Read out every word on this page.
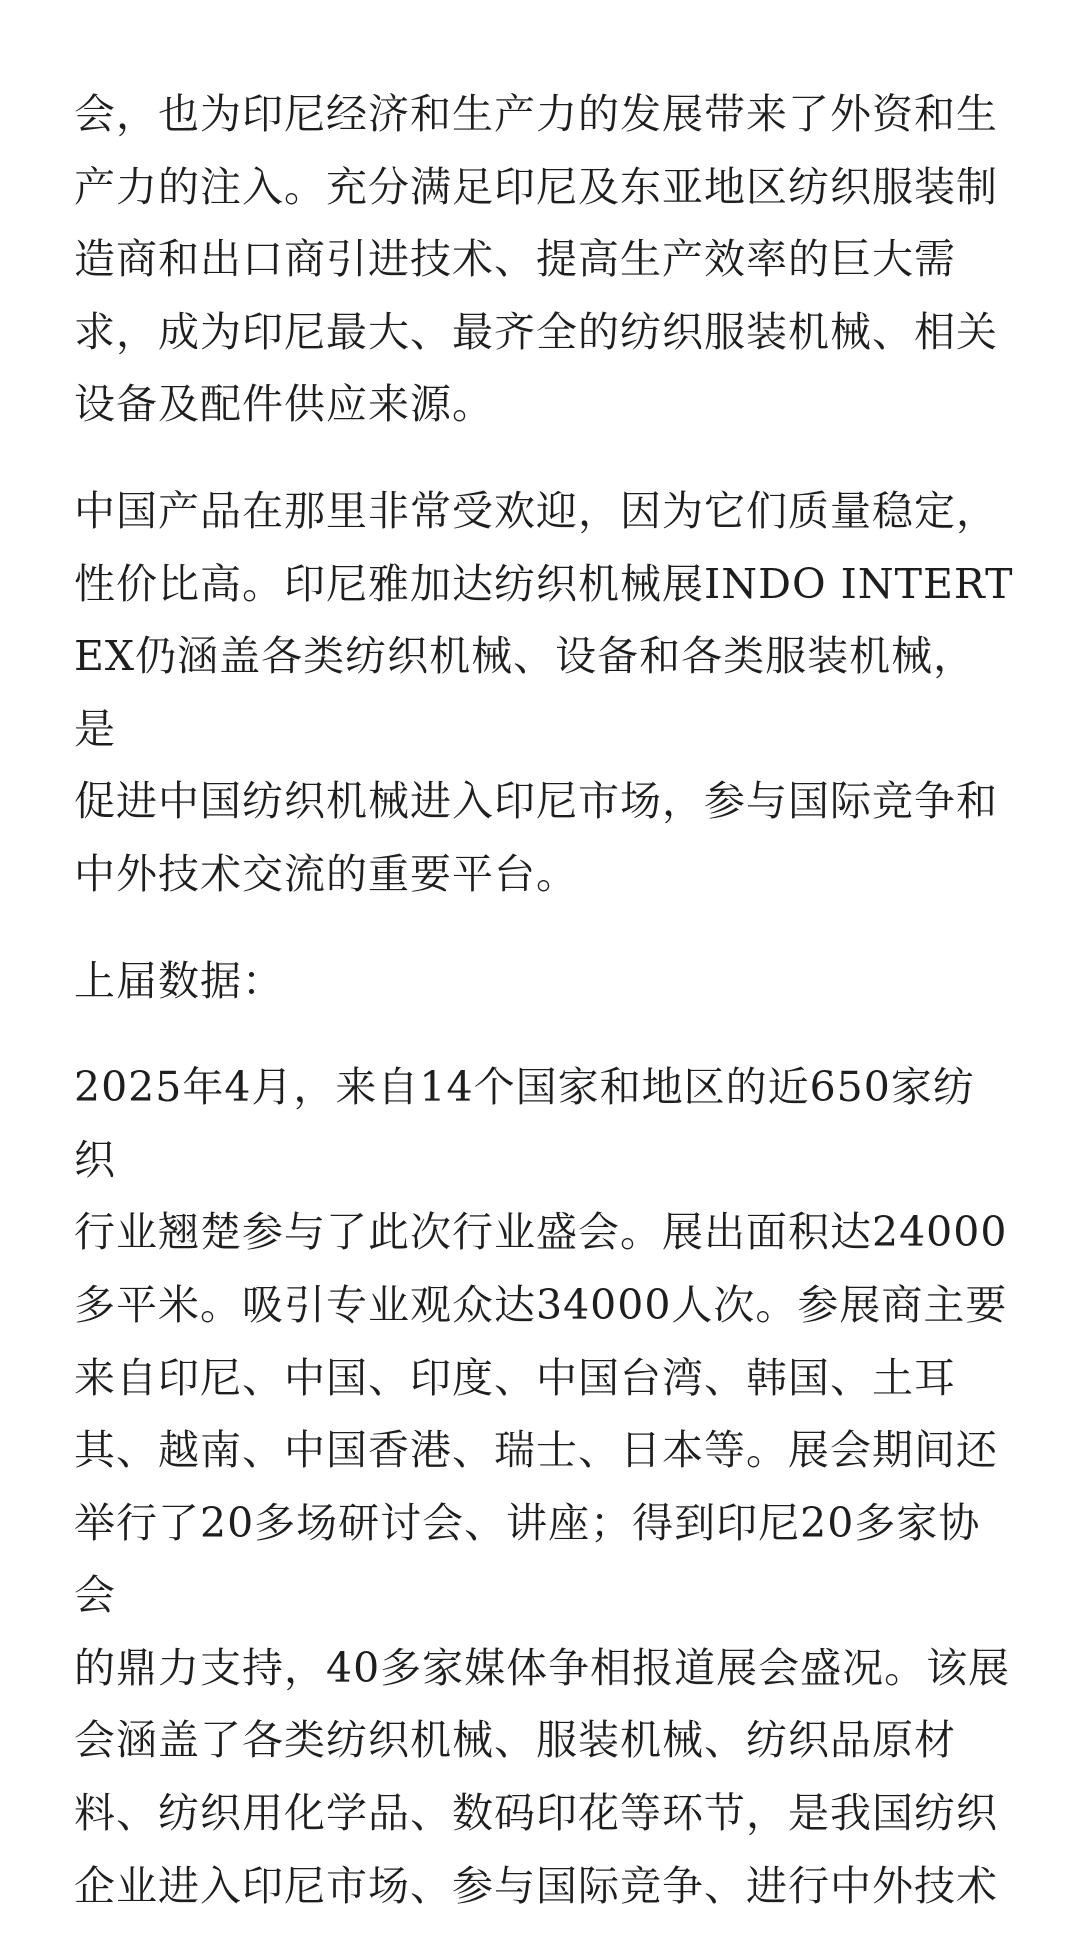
会，也为印尼经济和生产力的发展带来了外资和生
产力的注入。充分满足印尼及东亚地区纺织服装制
造商和出口商引进技术、提高生产效率的巨大需
求，成为印尼最大、最齐全的纺织服装机械、相关
设备及配件供应来源。

中国产品在那里非常受欢迎，因为它们质量稳定，
性价比高。印尼雅加达纺织机械展INDO INTERT
EX仍涵盖各类纺织机械、设备和各类服装机械，是
促进中国纺织机械进入印尼市场，参与国际竞争和
中外技术交流的重要平台。

上届数据：

2025年4月，来自14个国家和地区的近650家纺织
行业翘楚参与了此次行业盛会。展出面积达24000
多平米。吸引专业观众达34000人次。参展商主要
来自印尼、中国、印度、中国台湾、韩国、土耳
其、越南、中国香港、瑞士、日本等。展会期间还
举行了20多场研讨会、讲座；得到印尼20多家协会
的鼎力支持，40多家媒体争相报道展会盛况。该展
会涵盖了各类纺织机械、服装机械、纺织品原材
料、纺织用化学品、数码印花等环节，是我国纺织
企业进入印尼市场、参与国际竞争、进行中外技术
